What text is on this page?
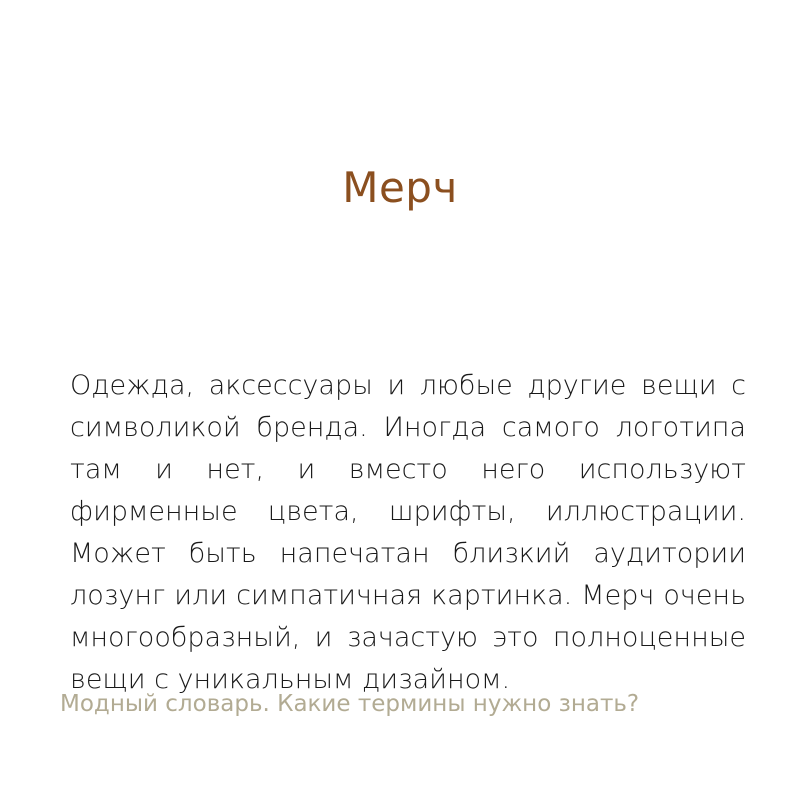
Мерч

Одежда, аксессуары и любые другие вещи с символикой бренда. Иногда самого логотипа там и нет, и вместо него используют фирменные цвета, шрифты, иллюстрации. Может быть напечатан близкий аудитории лозунг или симпатичная картинка. Мерч очень многообразный, и зачастую это полноценные вещи с уникальным дизайном.

Модный словарь. Какие термины нужно знать?
